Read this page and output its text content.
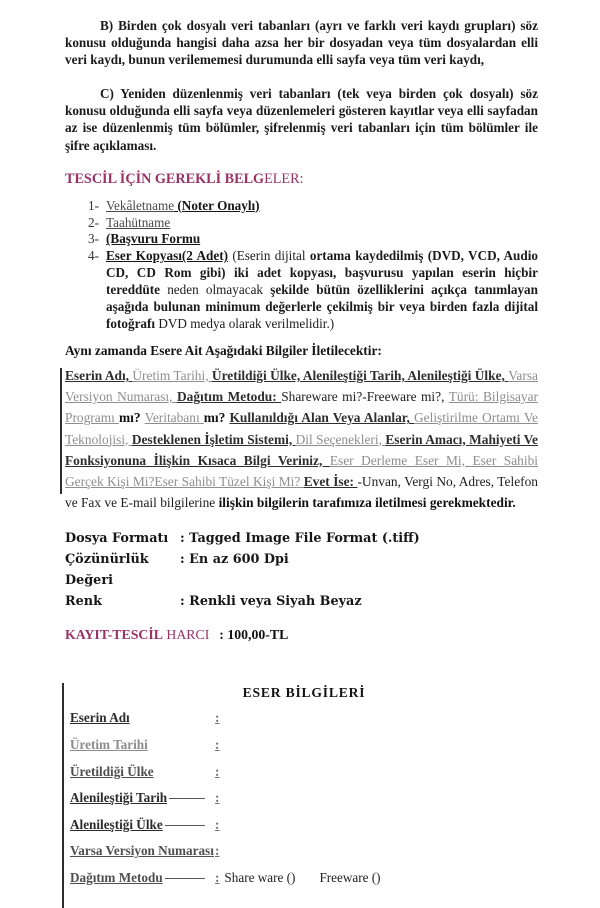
B) Birden çok dosyalı veri tabanları (ayrı ve farklı veri kaydı grupları) söz konusu olduğunda hangisi daha azsa her bir dosyadan veya tüm dosyalardan elli veri kaydı, bunun verilememesi durumunda elli sayfa veya tüm veri kaydı,

C) Yeniden düzenlenmiş veri tabanları (tek veya birden çok dosyalı) söz konusu olduğunda elli sayfa veya düzenlemeleri gösteren kayıtlar veya elli sayfadan az ise düzenlenmiş tüm bölümler, şifrelenmiş veri tabanları için tüm bölümler ile şifre açıklaması.

TESCİL İÇİN GEREKLİ BELGELER:
1- Vekâletname (Noter Onaylı)
2- Taahütname
3- (Başvuru Formu
4- Eser Kopyası(2 Adet) (Eserin dijital ortama kaydedilmiş (DVD, VCD, Audio CD, CD Rom gibi) iki adet kopyası, başvurusu yapılan eserin hiçbir tereddüte neden olmayacak şekilde bütün özelliklerini açıkça tanımlayan aşağıda bulunan minimum değerlerle çekilmiş bir veya birden fazla dijital fotoğrafı DVD medya olarak verilmelidir.)
Aynı zamanda Esere Ait Aşağıdaki Bilgiler İletilecektir:
Eserin Adı, Üretim Tarihi, Üretildiği Ülke, Alenileştiği Tarih, Alenileştiği Ülke, Varsa Versiyon Numarası, Dağıtım Metodu: Shareware mi?-Freeware mi?, Türü: Bilgisayar Programı mı? Veritabanı mı? Kullanıldığı Alan Veya Alanlar, Geliştirilme Ortamı Ve Teknolojisi, Desteklenen İşletim Sistemi, Dil Seçenekleri, Eserin Amacı, Mahiyeti Ve Fonksiyonuna İlişkin Kısaca Bilgi Veriniz, Eser Derleme Eser Mi, Eser Sahibi Gerçek Kişi Mi?Eser Sahibi Tüzel Kişi Mi? Evet İse: -Unvan, Vergi No, Adres, Telefon ve Fax ve E-mail bilgilerine ilişkin bilgilerin tarafımıza iletilmesi gerekmektedir.
Dosya Formatı : Tagged Image File Format (.tiff)
Çözünürlük Değeri
: En az 600 Dpi
Renk	: Renkli veya Siyah Beyaz
KAYIT-TESCİL HARCI : 100,00-TL
ESER BİLGİLERİ
Eserin Adı	:
Üretim Tarihi	:
Üretildiği Ülke	:
Alenileştiği Tarih	:
Alenileştiği Ülke	:
Varsa Versiyon Numarası :
Dağıtım Metodu	: Share ware () Freeware ()
